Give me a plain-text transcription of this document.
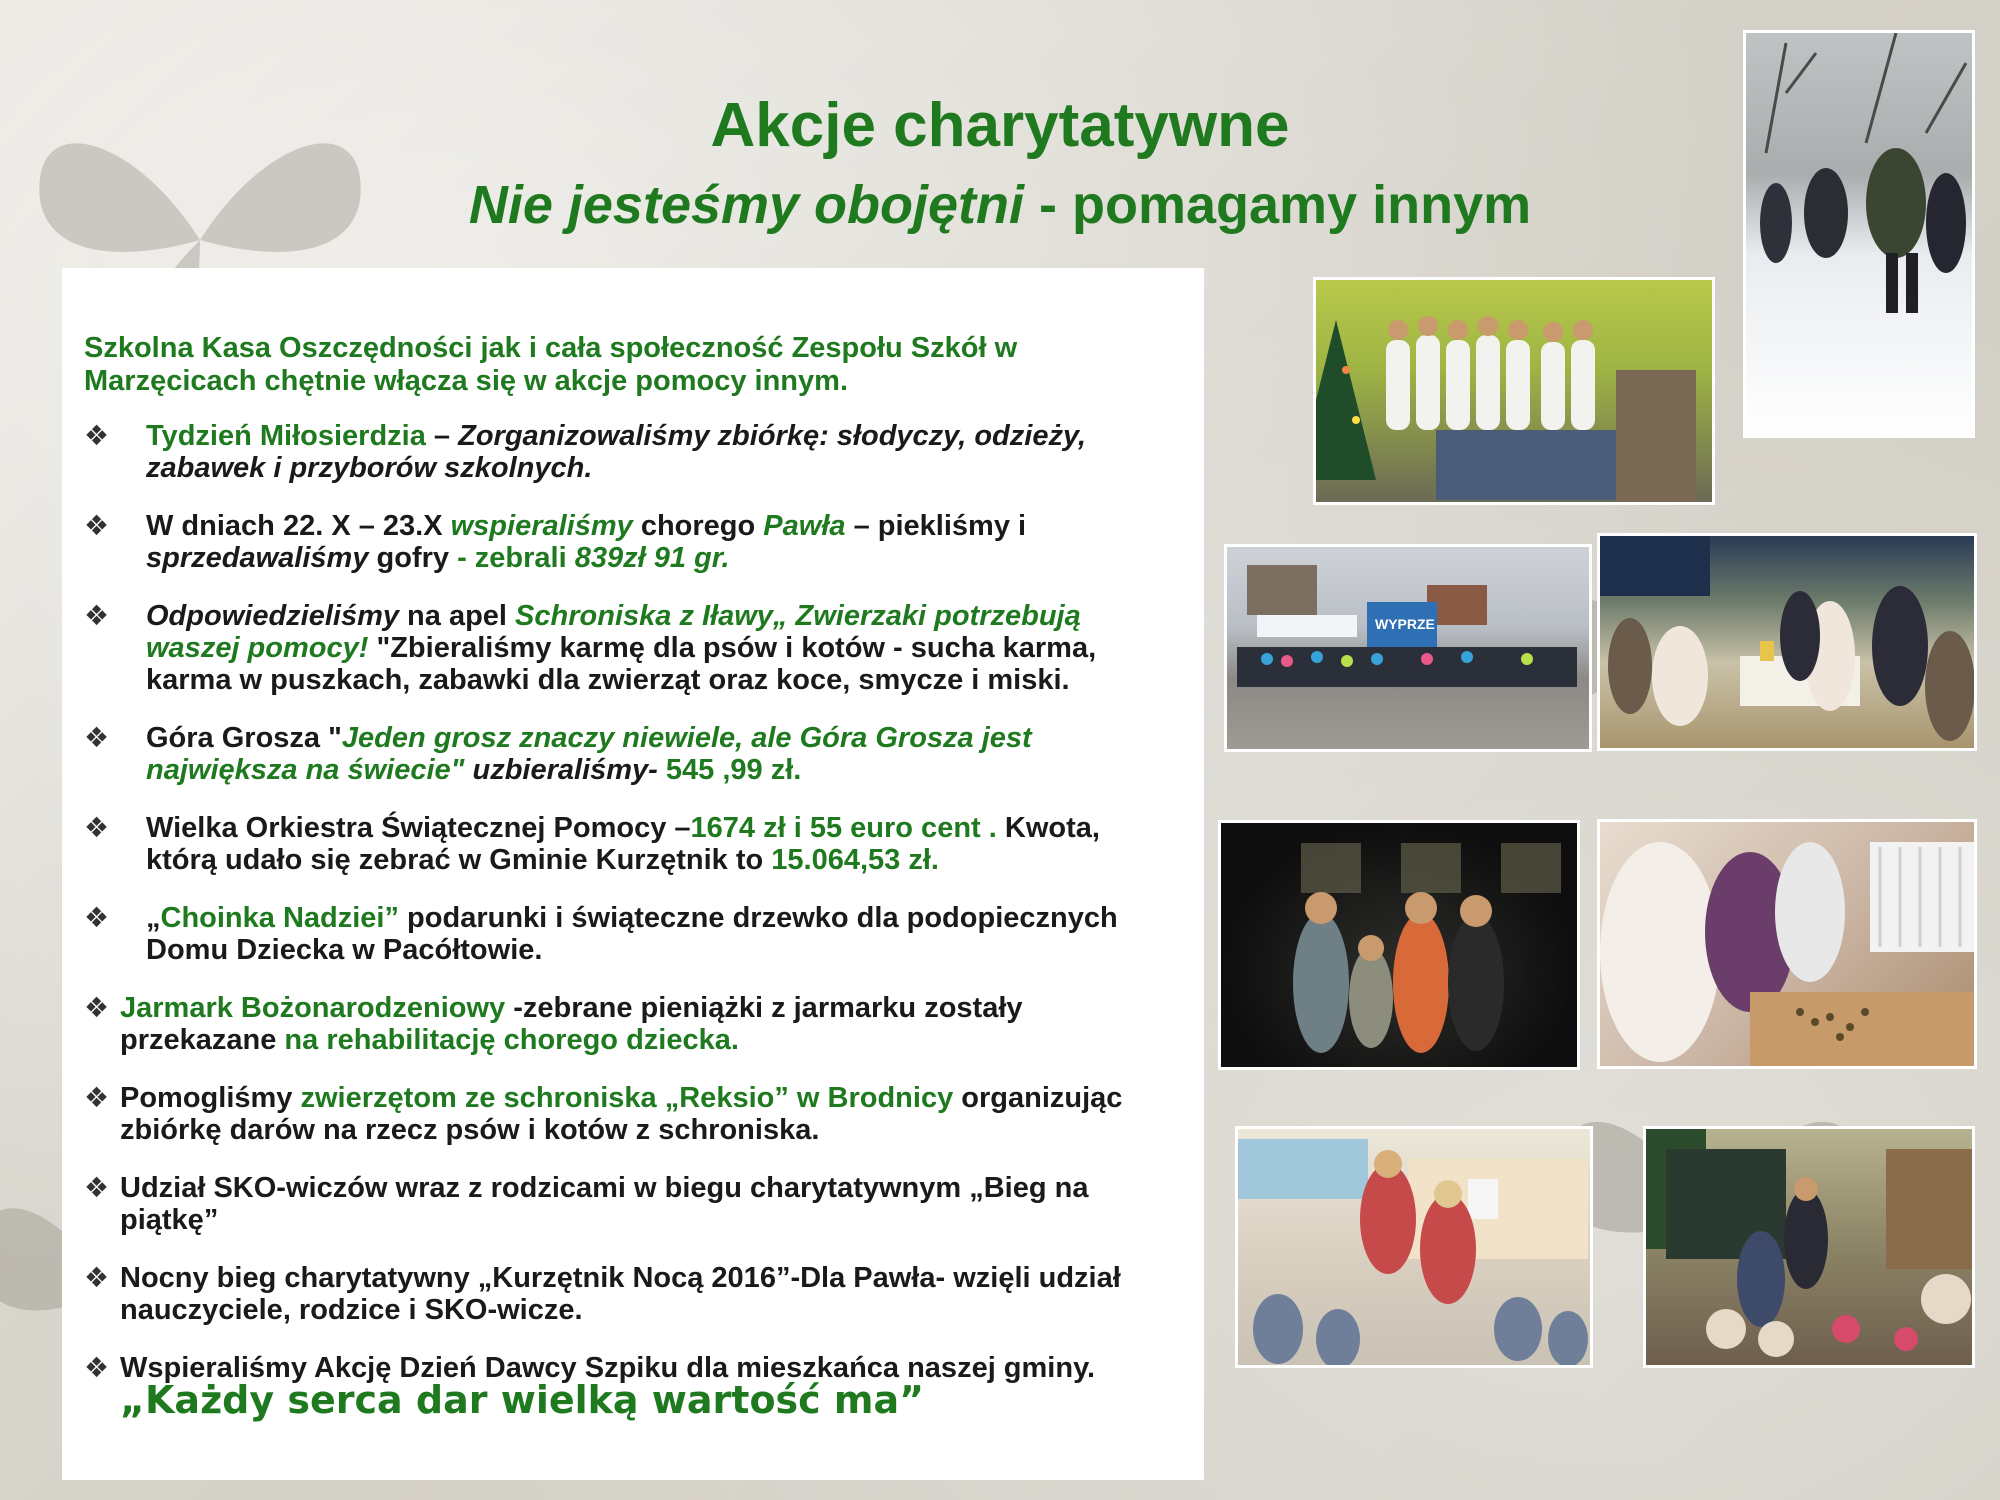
Akcje charytatywne
Nie jesteśmy obojętni - pomagamy innym

Szkolna Kasa Oszczędności jak i cała społeczność Zespołu Szkół w Marzęcicach chętnie włącza się w akcje pomocy innym.

❖	Tydzień Miłosierdzia – Zorganizowaliśmy zbiórkę: słodyczy, odzieży, zabawek i przyborów szkolnych.
❖	W dniach 22. X – 23.X wspieraliśmy chorego Pawła – piekliśmy i sprzedawaliśmy gofry - zebrali 839zł 91 gr.
❖	Odpowiedzieliśmy na apel Schroniska z Iławy„ Zwierzaki potrzebują waszej pomocy! "Zbieraliśmy karmę dla psów i kotów - sucha karma, karma w puszkach, zabawki dla zwierząt oraz koce, smycze i miski.
❖	Góra Grosza "Jeden grosz znaczy niewiele, ale Góra Grosza jest największa na świecie" uzbieraliśmy- 545 ,99 zł.
❖	Wielka Orkiestra Świątecznej Pomocy –1674 zł i 55 euro cent . Kwota, którą udało się zebrać w Gminie Kurzętnik to 15.064,53 zł.
❖	„Choinka Nadziei” podarunki i świąteczne drzewko dla podopiecznych Domu Dziecka w Pacółtowie.
❖ Jarmark Bożonarodzeniowy -zebrane pieniążki z jarmarku zostały przekazane na rehabilitację chorego dziecka.
❖ Pomogliśmy zwierzętom ze schroniska „Reksio” w Brodnicy organizując zbiórkę darów na rzecz psów i kotów z schroniska.
❖ Udział SKO-wiczów wraz z rodzicami w biegu charytatywnym „Bieg na piątkę”
❖ Nocny bieg charytatywny „Kurzętnik Nocą 2016”-Dla Pawła- wzięli udział nauczyciele, rodzice i SKO-wicze.
❖ Wspieraliśmy Akcję Dzień Dawcy Szpiku dla mieszkańca naszej gminy. „Każdy serca dar wielką wartość ma”
WYPRZE
